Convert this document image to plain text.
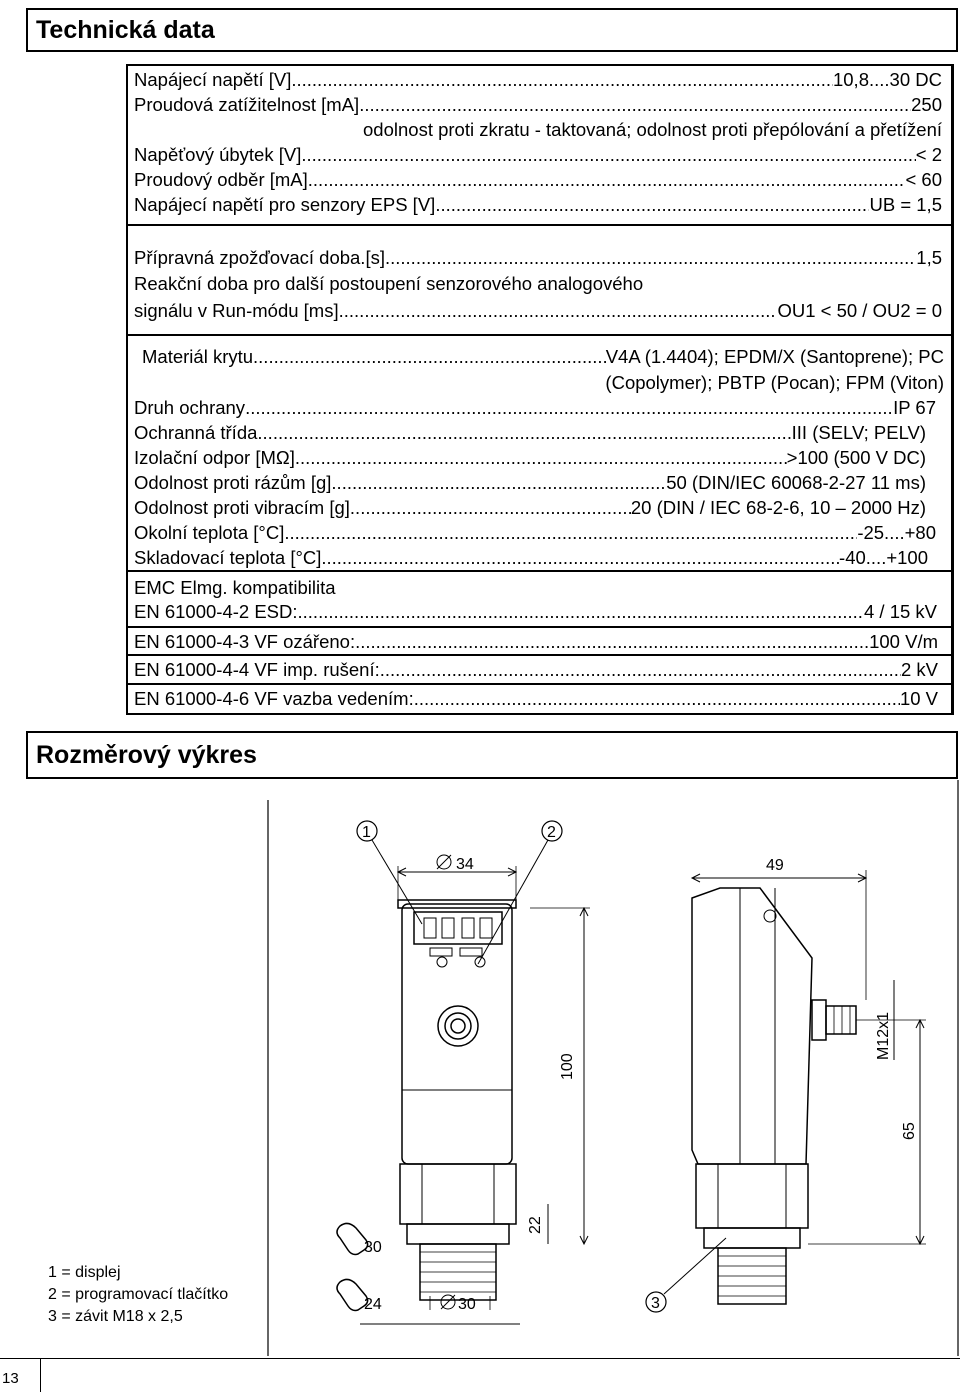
Technická data
Napájecí napětí [V] .....	10,8....30 DC
Proudová zatížitelnost [mA] .....	250
odolnost proti zkratu - taktovaná; odolnost proti přepólování a přetížení
Napěťový úbytek [V] .....	< 2
Proudový odběr [mA] .....	< 60
Napájecí napětí pro senzory EPS [V] .....	UB = 1,5
Přípravná zpožďovací doba.[s] .....	1,5
Reakční doba pro další postoupení senzorového analogového
signálu v Run-módu [ms] .....	OU1 < 50 / OU2 = 0
Materiál krytu .....	V4A (1.4404); EPDM/X (Santoprene); PC
(Copolymer); PBTP (Pocan); FPM (Viton)
Druh ochrany .....	IP 67
Ochranná třída .....	III (SELV; PELV)
Izolační odpor [MΩ] .....	>100 (500 V DC)
Odolnost proti rázům [g] .....	50 (DIN/IEC 60068-2-27 11 ms)
Odolnost proti vibracím [g] .....	20 (DIN / IEC 68-2-6, 10 – 2000 Hz)
Okolní teplota [°C] .....	-25....+80
Skladovací teplota [°C] .....	-40....+100
EMC Elmg. kompatibilita
EN 61000-4-2 ESD: .....	4 / 15 kV
EN 61000-4-3 VF ozářeno: .....	100 V/m
EN 61000-4-4 VF imp. rušení: .....	2 kV
EN 61000-4-6 VF vazba vedením: .....	10 V
Rozměrový výkres
1	2
3
34	49
100
M12x1
65
22
30
24	30
1 = displej
2 = programovací tlačítko
3 = závit M18 x 2,5
13
